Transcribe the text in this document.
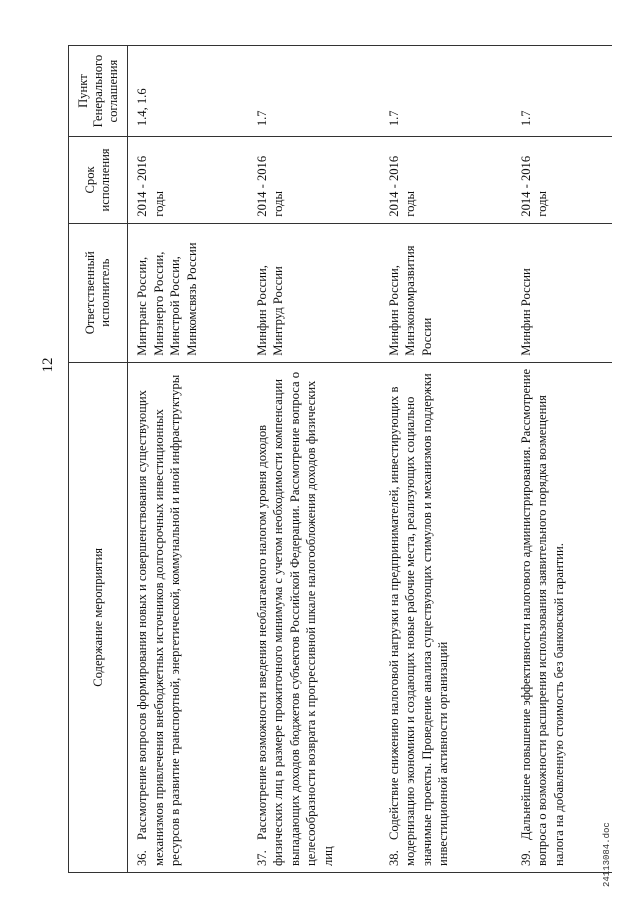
12
Содержание мероприятия	Ответственный исполнитель	Срок исполнения	Пункт Генерального соглашения
36.Рассмотрение вопросов формирования новых и совершенствования существующих механизмов привлечения внебюджетных источников долгосрочных инвестиционных ресурсов в развитие транспортной, энергетической, коммунальной и иной инфраструктуры	Минтранс России, Минэнерго России, Минстрой России, Минкомсвязь России	2014 - 2016 годы	1.4, 1.6

37.Рассмотрение возможности введения необлагаемого налогом уровня доходов физических лиц в размере прожиточного минимума с учетом необходимости компенсации выпадающих доходов бюджетов субъектов Российской Федерации. Рассмотрение вопроса о целесообразности возврата к прогрессивной шкале налогообложения доходов физических лиц	Минфин России, Минтруд России	2014 - 2016 годы	1.7

38.Содействие снижению налоговой нагрузки на предпринимателей, инвестирующих в модернизацию экономики и создающих новые рабочие места, реализующих социально значимые проекты. Проведение анализа существующих стимулов и механизмов поддержки инвестиционной активности организаций	Минфин России, Минэкономразвития России	2014 - 2016 годы	1.7

39.Дальнейшее повышение эффективности налогового администрирования. Рассмотрение вопроса о возможности расширения использования заявительного порядка возмещения налога на добавленную стоимость без банковской гарантии.	Минфин России	2014 - 2016 годы	1.7
24113084.doc
